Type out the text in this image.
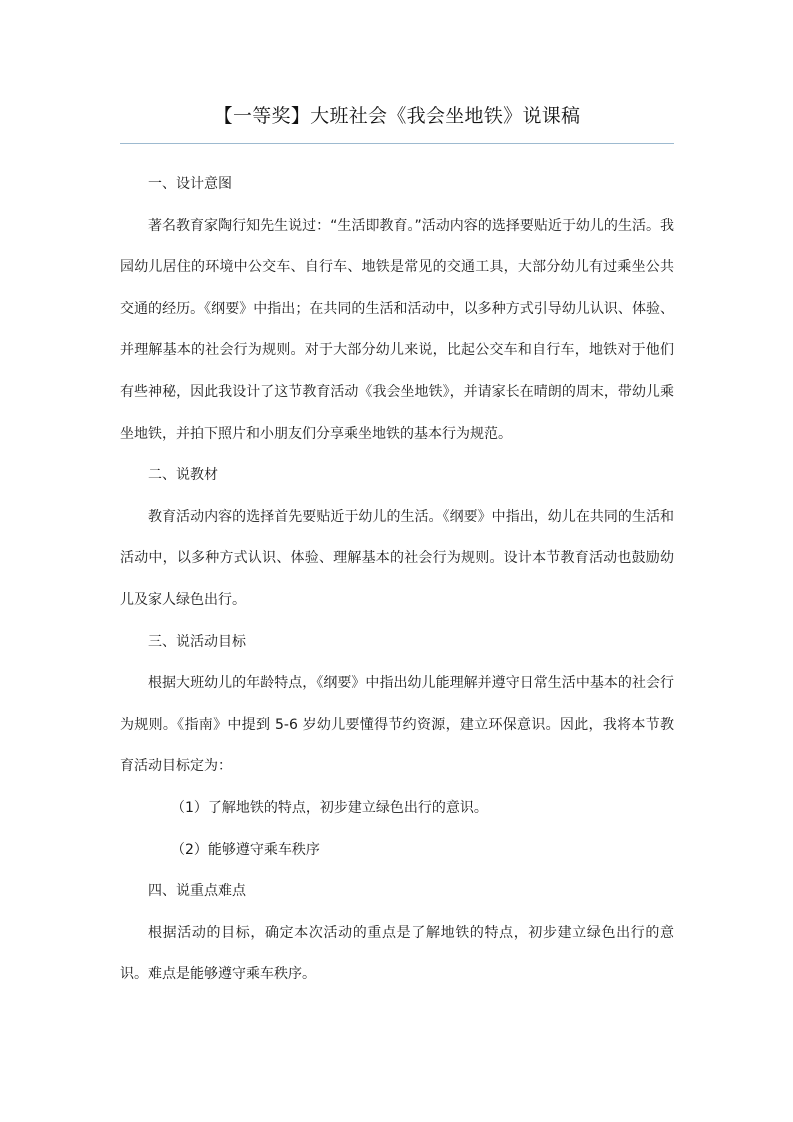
【一等奖】大班社会《我会坐地铁》说课稿

一、设计意图

著名教育家陶行知先生说过：“生活即教育。”活动内容的选择要贴近于幼儿的生活。我园幼儿居住的环境中公交车、自行车、地铁是常见的交通工具，大部分幼儿有过乘坐公共交通的经历。《纲要》中指出；在共同的生活和活动中，以多种方式引导幼儿认识、体验、并理解基本的社会行为规则。对于大部分幼儿来说，比起公交车和自行车，地铁对于他们有些神秘，因此我设计了这节教育活动《我会坐地铁》，并请家长在晴朗的周末，带幼儿乘坐地铁，并拍下照片和小朋友们分享乘坐地铁的基本行为规范。

二、说教材

教育活动内容的选择首先要贴近于幼儿的生活。《纲要》中指出，幼儿在共同的生活和活动中，以多种方式认识、体验、理解基本的社会行为规则。设计本节教育活动也鼓励幼儿及家人绿色出行。

三、说活动目标

根据大班幼儿的年龄特点，《纲要》中指出幼儿能理解并遵守日常生活中基本的社会行为规则。《指南》中提到 5-6 岁幼儿要懂得节约资源，建立环保意识。因此，我将本节教育活动目标定为：

（1）了解地铁的特点，初步建立绿色出行的意识。

（2）能够遵守乘车秩序

四、说重点难点

根据活动的目标，确定本次活动的重点是了解地铁的特点，初步建立绿色出行的意识。难点是能够遵守乘车秩序。
